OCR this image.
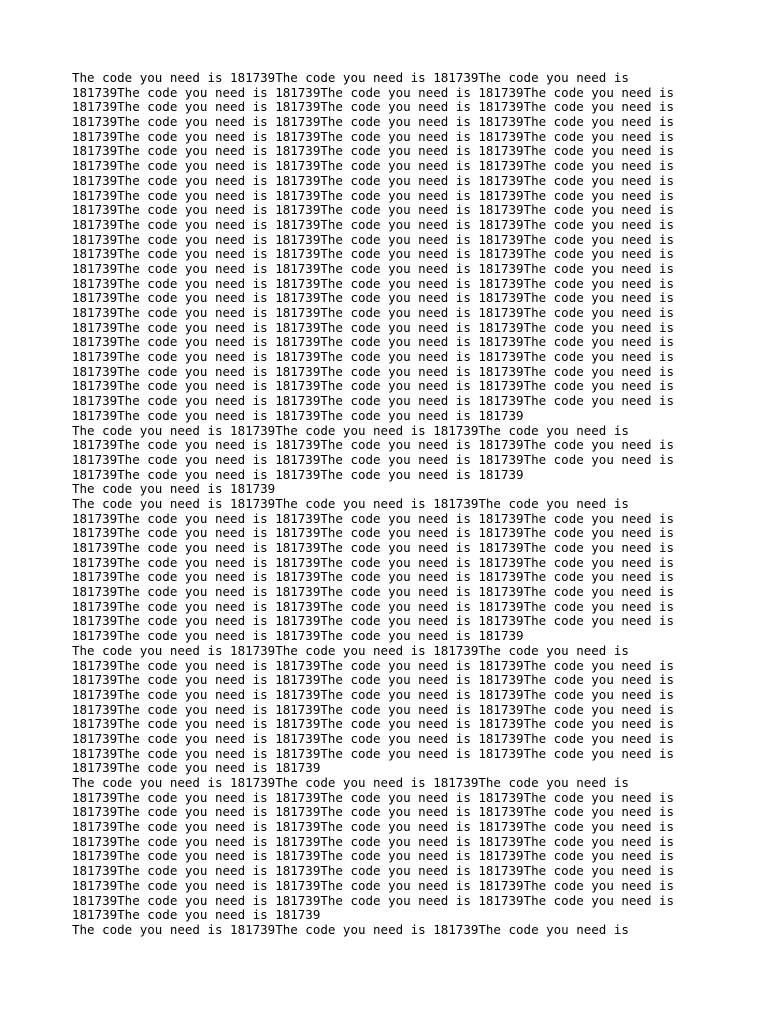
The code you need is 181739The code you need is 181739The code you need is
181739The code you need is 181739The code you need is 181739The code you need is
181739The code you need is 181739The code you need is 181739The code you need is
181739The code you need is 181739The code you need is 181739The code you need is
181739The code you need is 181739The code you need is 181739The code you need is
181739The code you need is 181739The code you need is 181739The code you need is
181739The code you need is 181739The code you need is 181739The code you need is
181739The code you need is 181739The code you need is 181739The code you need is
181739The code you need is 181739The code you need is 181739The code you need is
181739The code you need is 181739The code you need is 181739The code you need is
181739The code you need is 181739The code you need is 181739The code you need is
181739The code you need is 181739The code you need is 181739The code you need is
181739The code you need is 181739The code you need is 181739The code you need is
181739The code you need is 181739The code you need is 181739The code you need is
181739The code you need is 181739The code you need is 181739The code you need is
181739The code you need is 181739The code you need is 181739The code you need is
181739The code you need is 181739The code you need is 181739The code you need is
181739The code you need is 181739The code you need is 181739The code you need is
181739The code you need is 181739The code you need is 181739The code you need is
181739The code you need is 181739The code you need is 181739The code you need is
181739The code you need is 181739The code you need is 181739The code you need is
181739The code you need is 181739The code you need is 181739The code you need is
181739The code you need is 181739The code you need is 181739The code you need is
181739The code you need is 181739The code you need is 181739
The code you need is 181739The code you need is 181739The code you need is
181739The code you need is 181739The code you need is 181739The code you need is
181739The code you need is 181739The code you need is 181739The code you need is
181739The code you need is 181739The code you need is 181739
The code you need is 181739
The code you need is 181739The code you need is 181739The code you need is
181739The code you need is 181739The code you need is 181739The code you need is
181739The code you need is 181739The code you need is 181739The code you need is
181739The code you need is 181739The code you need is 181739The code you need is
181739The code you need is 181739The code you need is 181739The code you need is
181739The code you need is 181739The code you need is 181739The code you need is
181739The code you need is 181739The code you need is 181739The code you need is
181739The code you need is 181739The code you need is 181739The code you need is
181739The code you need is 181739The code you need is 181739The code you need is
181739The code you need is 181739The code you need is 181739
The code you need is 181739The code you need is 181739The code you need is
181739The code you need is 181739The code you need is 181739The code you need is
181739The code you need is 181739The code you need is 181739The code you need is
181739The code you need is 181739The code you need is 181739The code you need is
181739The code you need is 181739The code you need is 181739The code you need is
181739The code you need is 181739The code you need is 181739The code you need is
181739The code you need is 181739The code you need is 181739The code you need is
181739The code you need is 181739The code you need is 181739The code you need is
181739The code you need is 181739
The code you need is 181739The code you need is 181739The code you need is
181739The code you need is 181739The code you need is 181739The code you need is
181739The code you need is 181739The code you need is 181739The code you need is
181739The code you need is 181739The code you need is 181739The code you need is
181739The code you need is 181739The code you need is 181739The code you need is
181739The code you need is 181739The code you need is 181739The code you need is
181739The code you need is 181739The code you need is 181739The code you need is
181739The code you need is 181739The code you need is 181739The code you need is
181739The code you need is 181739The code you need is 181739The code you need is
181739The code you need is 181739
The code you need is 181739The code you need is 181739The code you need is
